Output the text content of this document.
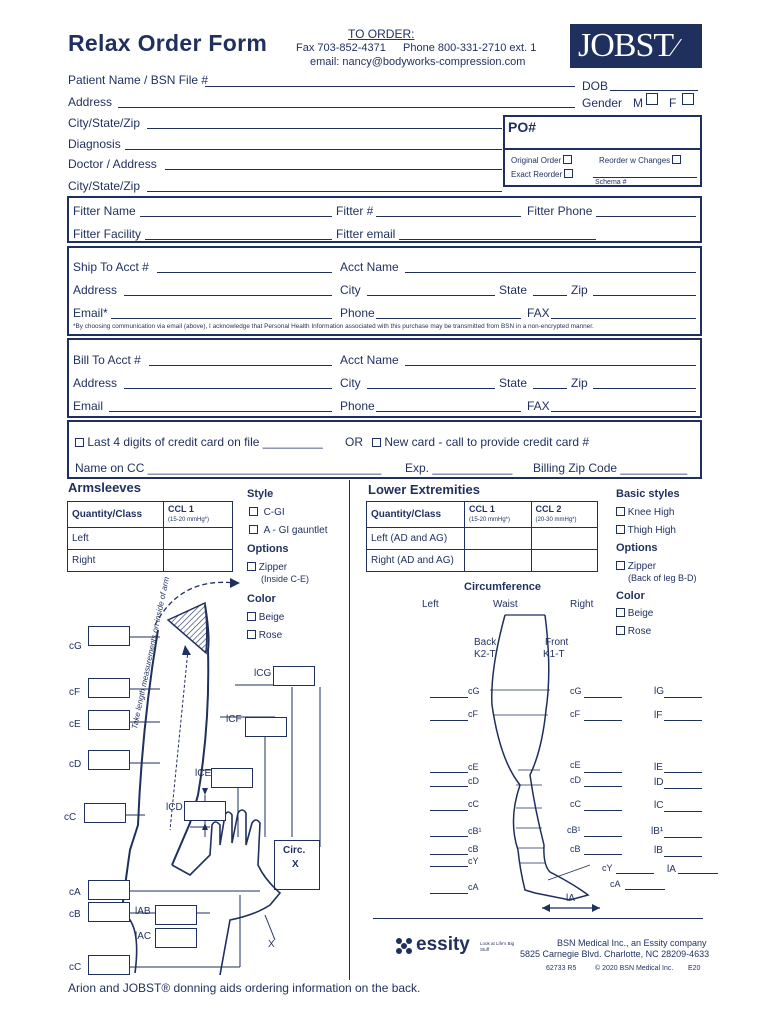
Relax Order Form	TO ORDER:
Fax 703-852-4371 Phone 800-331-2710 ext. 1
email: nancy@bodyworks-compression.com JOBST∕
Patient Name / BSN File #	DOB
Address	Gender M F
City/State/Zip
Diagnosis
Doctor / Address
City/State/Zip
PO#
Original Order	Reorder w Changes
Exact Reorder
Schema #
Fitter Name	Fitter #	Fitter Phone
Fitter Facility	Fitter email
Ship To Acct #	Acct Name
Address	City	State	Zip
Email*	Phone	FAX
*By choosing communication via email (above), I acknowledge that Personal Health Information associated with this purchase may be transmitted from BSN in a non-encrypted manner.
Bill To Acct #	Acct Name
Address	City	State	Zip
Email	Phone	FAX
Last 4 digits of credit card on file _________ OR	New card - call to provide credit card #
Name on CC ___________________________________ Exp. ____________ Billing Zip Code __________
Armsleeves
Quantity/Class	CCL 1
(15-20 mmHg*)
Left	
Right	
Style
C-GI
A - GI gauntlet
Options
Zipper
(Inside C-E)
Color
Beige
Rose
Take length measurements on inside of arm
cG
cF
cE
cD
cC
lCG
lCF
lCE
lCD
Circ.
X
X
cA
cB	lAB
lAC
cC
Lower Extremities
Quantity/Class	CCL 1
(15-20 mmHg*)	CCL 2
(20-30 mmHg*)
Left (AD and AG)		
Right (AD and AG)		
Basic styles
Knee High
Thigh High
Options
Zipper
(Back of leg B-D)
Color
Beige
Rose
Circumference
Left	Waist	Right
Back
K2-T
Front
K1-T
cG
cF
cE
cD
cC
cB¹
cB
cY
cA
cG
cF
cE
cD
cC
cB¹
cB
cY
cA
lG
lF
lE
lD
lC
lB¹
lB
lA
lA
essity Look at Life's Big Stuff
BSN Medical Inc., an Essity company
5825 Carnegie Blvd. Charlotte, NC 28209-4633
62733 R5	© 2020 BSN Medical Inc. E20
Arion and JOBST® donning aids ordering information on the back.
